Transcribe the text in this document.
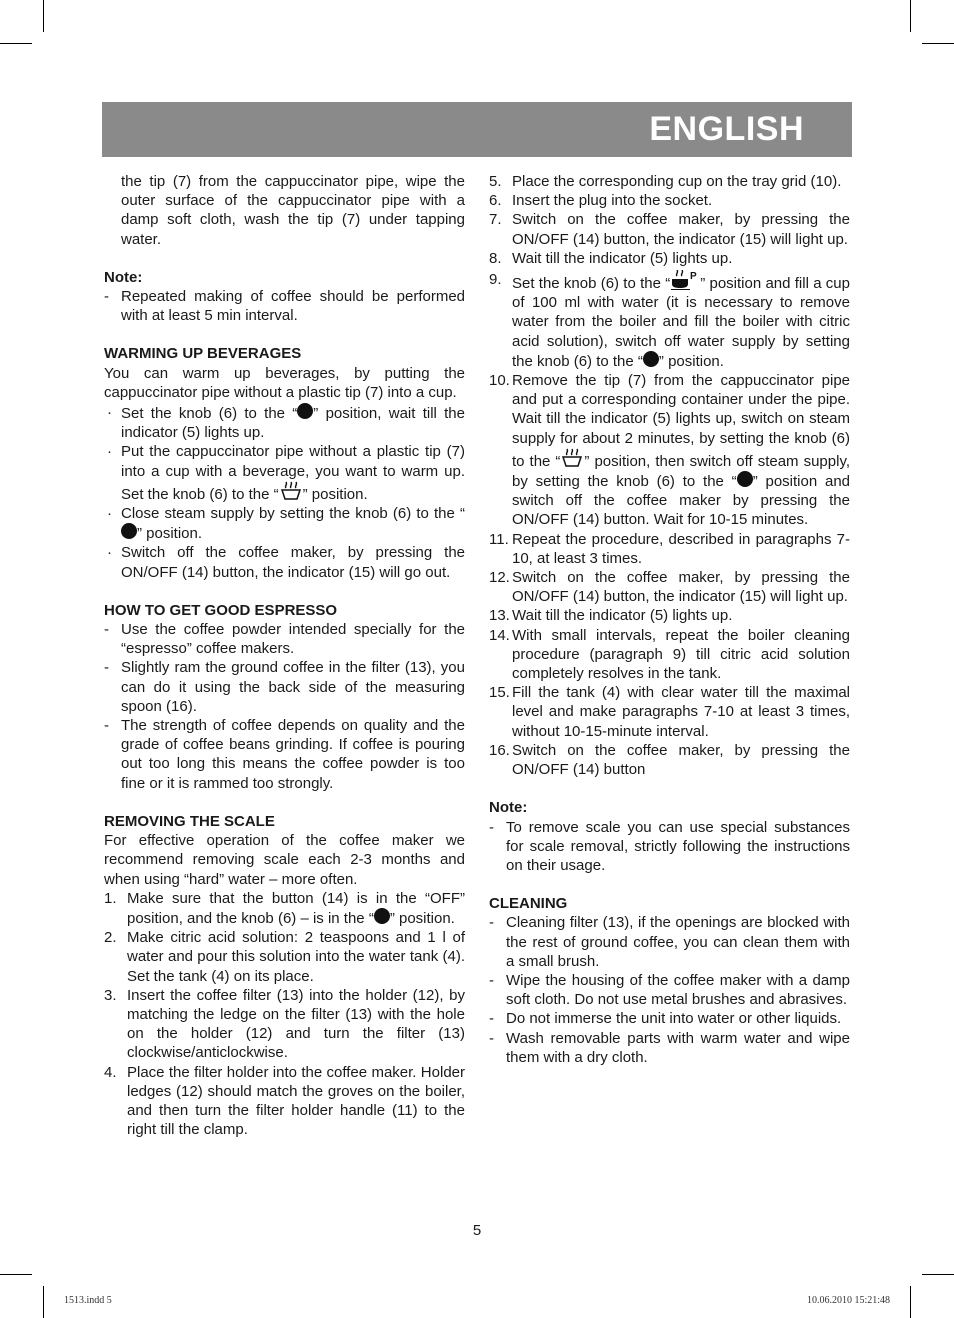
ENGLISH

the tip (7) from the cappuccinator pipe, wipe the outer surface of the cappuccinator pipe with a damp soft cloth, wash the tip (7) under tapping water.

Note:

- Repeated making of coffee should be performed with at least 5 min interval.

WARMING UP BEVERAGES

You can warm up beverages, by putting the cappuccinator pipe without a plastic tip (7) into a cup.

· Set the knob (6) to the “ ” position, wait till the indicator (5) lights up.
· Put the cappuccinator pipe without a plastic tip (7) into a cup with a beverage, you want to warm up. Set the knob (6) to the “ ” position.
· Close steam supply by setting the knob (6) to the “” position.
· Switch off the coffee maker, by pressing the ON/OFF (14) button, the indicator (15) will go out.

HOW TO GET GOOD ESPRESSO

- Use the coffee powder intended specially for the “espresso” coffee makers.
- Slightly ram the ground coffee in the filter (13), you can do it using the back side of the measuring spoon (16).
- The strength of coffee depends on quality and the grade of coffee beans grinding. If coffee is pouring out too long this means the coffee powder is too fine or it is rammed too strongly.

REMOVING THE SCALE

For effective operation of the coffee maker we recommend removing scale each 2-3 months and when using “hard” water – more often.

1. Make sure that the button (14) is in the “OFF” position, and the knob (6) – is in the “ ” position.
2. Make citric acid solution: 2 teaspoons and 1 l of water and pour this solution into the water tank (4). Set the tank (4) on its place.
3. Insert the coffee filter (13) into the holder (12), by matching the ledge on the filter (13) with the hole on the holder (12) and turn the filter (13) clockwise/anticlockwise.
4. Place the filter holder into the coffee maker. Holder ledges (12) should match the groves on the boiler, and then turn the filter holder handle (11) to the right till the clamp.
5. Place the corresponding cup on the tray grid (10).
6. Insert the plug into the socket.
7. Switch on the coffee maker, by pressing the ON/OFF (14) button, the indicator (15) will light up.
8. Wait till the indicator (5) lights up.
9. Set the knob (6) to the “ P ” position and fill a cup of 100 ml with water (it is necessary to remove water from the boiler and fill the boiler with citric acid solution), switch off water supply by setting the knob (6) to the “ ” position.
10. Remove the tip (7) from the cappuccinator pipe and put a corresponding container under the pipe. Wait till the indicator (5) lights up, switch on steam supply for about 2 minutes, by setting the knob (6) to the “ ” position, then switch off steam supply, by setting the knob (6) to the “ ” position and switch off the coffee maker by pressing the ON/OFF (14) button. Wait for 10-15 minutes.
11. Repeat the procedure, described in paragraphs 7-10, at least 3 times.
12. Switch on the coffee maker, by pressing the ON/OFF (14) button, the indicator (15) will light up.
13. Wait till the indicator (5) lights up.
14. With small intervals, repeat the boiler cleaning procedure (paragraph 9) till citric acid solution completely resolves in the tank.
15. Fill the tank (4) with clear water till the maximal level and make paragraphs 7-10 at least 3 times, without 10-15-minute interval.
16. Switch on the coffee maker, by pressing the ON/OFF (14) button

Note:

- To remove scale you can use special substances for scale removal, strictly following the instructions on their usage.

CLEANING

- Cleaning filter (13), if the openings are blocked with the rest of ground coffee, you can clean them with a small brush.
- Wipe the housing of the coffee maker with a damp soft cloth. Do not use metal brushes and abrasives.
- Do not immerse the unit into water or other liquids.
- Wash removable parts with warm water and wipe them with a dry cloth.
5
1513.indd 5	10.06.2010 15:21:48
